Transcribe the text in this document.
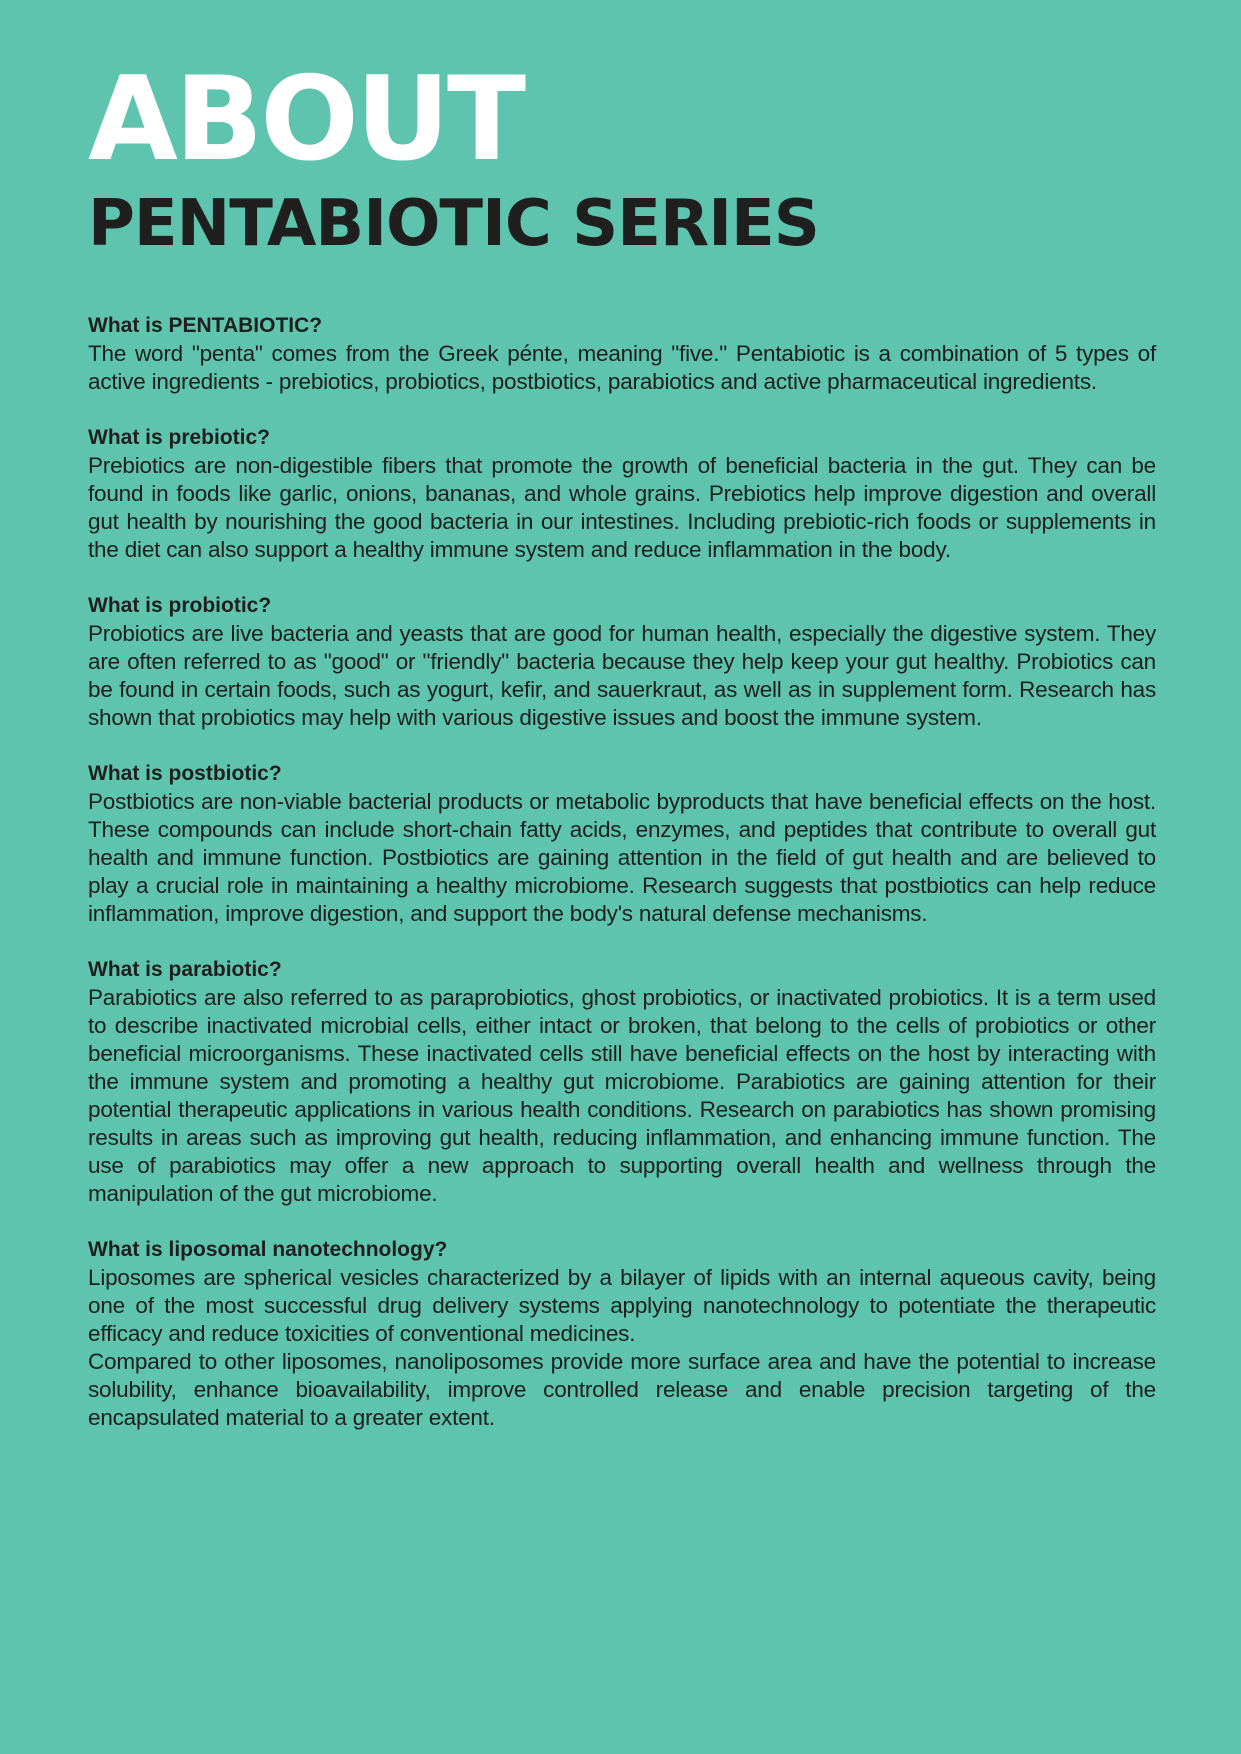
ABOUT
PENTABIOTIC SERIES
What is PENTABIOTIC?

The word "penta" comes from the Greek pénte, meaning "five." Pentabiotic is a combination of 5 types of active ingredients - prebiotics, probiotics, postbiotics, parabiotics and active pharmaceutical ingredients.

What is prebiotic?

Prebiotics are non-digestible fibers that promote the growth of beneficial bacteria in the gut. They can be found in foods like garlic, onions, bananas, and whole grains. Prebiotics help improve digestion and overall gut health by nourishing the good bacteria in our intestines. Including prebiotic-rich foods or supplements in the diet can also support a healthy immune system and reduce inflammation in the body.

What is probiotic?

Probiotics are live bacteria and yeasts that are good for human health, especially the digestive system. They are often referred to as "good" or "friendly" bacteria because they help keep your gut healthy. Probiotics can be found in certain foods, such as yogurt, kefir, and sauerkraut, as well as in supplement form. Research has shown that probiotics may help with various digestive issues and boost the immune system.

What is postbiotic?

Postbiotics are non-viable bacterial products or metabolic byproducts that have beneficial effects on the host. These compounds can include short-chain fatty acids, enzymes, and peptides that contribute to overall gut health and immune function. Postbiotics are gaining attention in the field of gut health and are believed to play a crucial role in maintaining a healthy microbiome. Research suggests that postbiotics can help reduce inflammation, improve digestion, and support the body's natural defense mechanisms.

What is parabiotic?

Parabiotics are also referred to as paraprobiotics, ghost probiotics, or inactivated probiotics. It is a term used to describe inactivated microbial cells, either intact or broken, that belong to the cells of probiotics or other beneficial microorganisms. These inactivated cells still have beneficial effects on the host by interacting with the immune system and promoting a healthy gut microbiome. Parabiotics are gaining attention for their potential therapeutic applications in various health conditions. Research on parabiotics has shown promising results in areas such as improving gut health, reducing inflammation, and enhancing immune function. The use of parabiotics may offer a new approach to supporting overall health and wellness through the manipulation of the gut microbiome.

What is liposomal nanotechnology?

Liposomes are spherical vesicles characterized by a bilayer of lipids with an internal aqueous cavity, being one of the most successful drug delivery systems applying nanotechnology to potentiate the therapeutic efficacy and reduce toxicities of conventional medicines.

Compared to other liposomes, nanoliposomes provide more surface area and have the potential to increase solubility, enhance bioavailability, improve controlled release and enable precision targeting of the encapsulated material to a greater extent.
